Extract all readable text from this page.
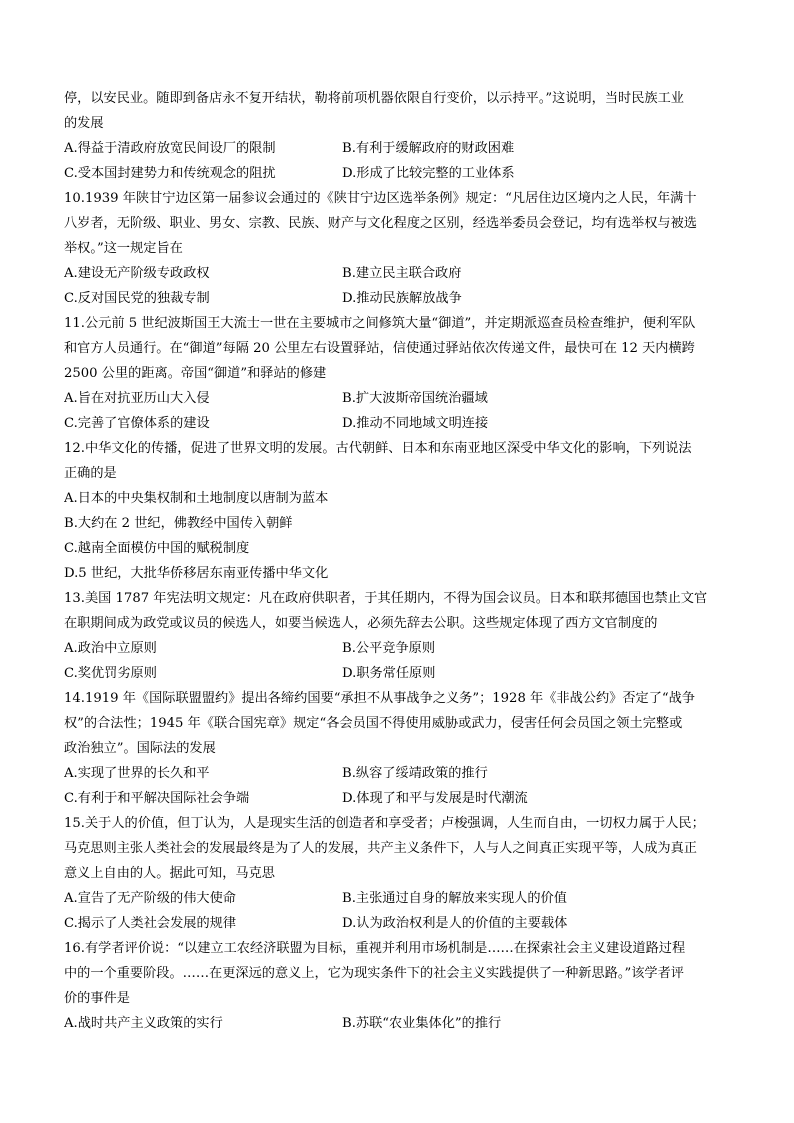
停，以安民业。随即到备店永不复开结状，勒将前项机器依限自行变价，以示持平。”这说明，当时民族工业
的发展
A.得益于清政府放宽民间设厂的限制	B.有利于缓解政府的财政困难
C.受本国封建势力和传统观念的阻扰	D.形成了比较完整的工业体系
10.1939 年陕甘宁边区第一届参议会通过的《陕甘宁边区选举条例》规定：“凡居住边区境内之人民，年满十
八岁者，无阶级、职业、男女、宗教、民族、财产与文化程度之区别，经选举委员会登记，均有选举权与被选
举权。”这一规定旨在
A.建设无产阶级专政政权	B.建立民主联合政府
C.反对国民党的独裁专制	D.推动民族解放战争
11.公元前 5 世纪波斯国王大流士一世在主要城市之间修筑大量“御道”，并定期派巡查员检查维护，便利军队
和官方人员通行。在“御道”每隔 20 公里左右设置驿站，信使通过驿站依次传递文件，最快可在 12 天内横跨
2500 公里的距离。帝国“御道”和驿站的修建
A.旨在对抗亚历山大入侵	B.扩大波斯帝国统治疆域
C.完善了官僚体系的建设	D.推动不同地域文明连接
12.中华文化的传播，促进了世界文明的发展。古代朝鲜、日本和东南亚地区深受中华文化的影响，下列说法
正确的是
A.日本的中央集权制和土地制度以唐制为蓝本
B.大约在 2 世纪，佛教经中国传入朝鲜
C.越南全面模仿中国的赋税制度
D.5 世纪，大批华侨移居东南亚传播中华文化
13.美国 1787 年宪法明文规定：凡在政府供职者，于其任期内，不得为国会议员。日本和联邦德国也禁止文官
在职期间成为政党或议员的候选人，如要当候选人，必须先辞去公职。这些规定体现了西方文官制度的
A.政治中立原则	B.公平竞争原则
C.奖优罚劣原则	D.职务常任原则
14.1919 年《国际联盟盟约》提出各缔约国要“承担不从事战争之义务”；1928 年《非战公约》否定了“战争
权”的合法性；1945 年《联合国宪章》规定“各会员国不得使用威胁或武力，侵害任何会员国之领土完整或
政治独立”。国际法的发展
A.实现了世界的长久和平	B.纵容了绥靖政策的推行
C.有利于和平解决国际社会争端	D.体现了和平与发展是时代潮流
15.关于人的价值，但丁认为，人是现实生活的创造者和享受者；卢梭强调，人生而自由，一切权力属于人民；
马克思则主张人类社会的发展最终是为了人的发展，共产主义条件下，人与人之间真正实现平等，人成为真正
意义上自由的人。据此可知，马克思
A.宣告了无产阶级的伟大使命	B.主张通过自身的解放来实现人的价值
C.揭示了人类社会发展的规律	D.认为政治权利是人的价值的主要载体
16.有学者评价说：“以建立工农经济联盟为目标，重视并利用市场机制是……在探索社会主义建设道路过程
中的一个重要阶段。……在更深远的意义上，它为现实条件下的社会主义实践提供了一种新思路。”该学者评
价的事件是
A.战时共产主义政策的实行	B.苏联“农业集体化”的推行
